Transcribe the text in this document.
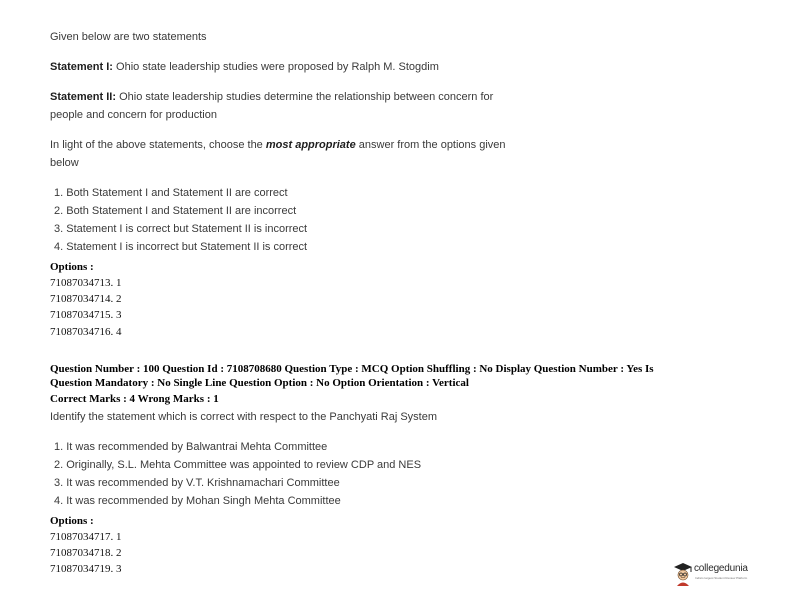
Given below are two statements
Statement I: Ohio state leadership studies were proposed by Ralph M. Stogdim
Statement II: Ohio state leadership studies determine the relationship between concern for
people and concern for production
In light of the above statements, choose the most appropriate answer from the options given
below
1. Both Statement I and Statement II are correct
2. Both Statement I and Statement II are incorrect
3. Statement I is correct but Statement II is incorrect
4. Statement I is incorrect but Statement II is correct
Options :
71087034713. 1
71087034714. 2
71087034715. 3
71087034716. 4
Question Number : 100 Question Id : 7108708680 Question Type : MCQ Option Shuffling : No Display Question Number : Yes Is
Question Mandatory : No Single Line Question Option : No Option Orientation : Vertical
Correct Marks : 4 Wrong Marks : 1
Identify the statement which is correct with respect to the Panchyati Raj System
1. It was recommended by Balwantrai Mehta Committee
2. Originally, S.L. Mehta Committee was appointed to review CDP and NES
3. It was recommended by V.T. Krishnamachari Committee
4. It was recommended by Mohan Singh Mehta Committee
Options :
71087034717. 1
71087034718. 2
71087034719. 3	collegedunia
India's largest Student Review Platform
